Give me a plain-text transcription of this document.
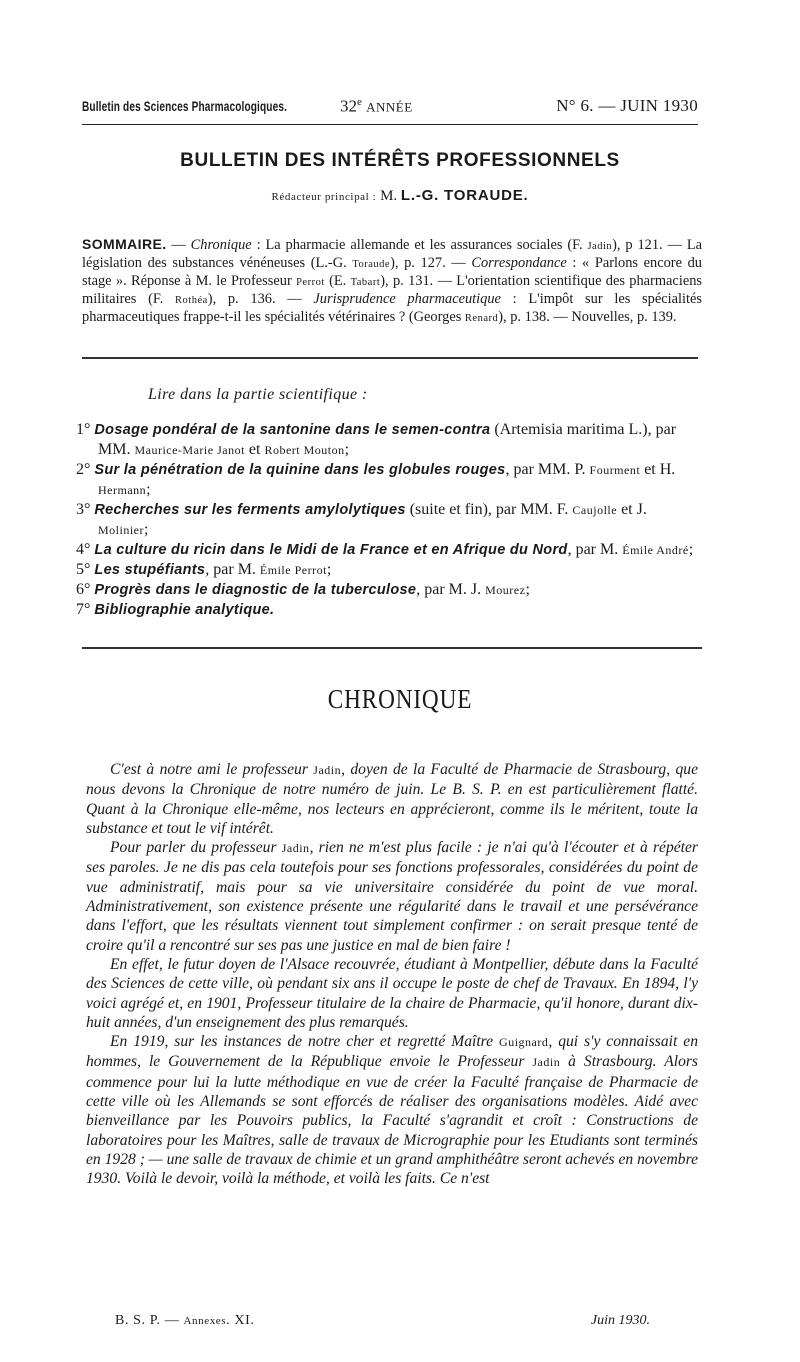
Bulletin des Sciences Pharmacologiques.	32e ANNÉE	N° 6. — JUIN 1930
BULLETIN DES INTÉRÊTS PROFESSIONNELS
Rédacteur principal : M. L.-G. TORAUDE.
SOMMAIRE. — Chronique : La pharmacie allemande et les assurances sociales (F. Jadin), p 121. — La législation des substances vénéneuses (L.-G. Toraude), p. 127. — Correspondance : « Parlons encore du stage ». Réponse à M. le Professeur Perrot (E. Tabart), p. 131. — L'orientation scientifique des pharmaciens militaires (F. Rothéa), p. 136. — Jurisprudence pharmaceutique : L'impôt sur les spécialités pharmaceutiques frappe-t-il les spécialités vétérinaires ? (Georges Renard), p. 138. — Nouvelles, p. 139.
Lire dans la partie scientifique :
1° Dosage pondéral de la santonine dans le semen-contra (Artemisia maritima L.), par MM. Maurice-Marie Janot et Robert Mouton;
2° Sur la pénétration de la quinine dans les globules rouges, par MM. P. Fourment et H. Hermann;
3° Recherches sur les ferments amylolytiques (suite et fin), par MM. F. Caujolle et J. Molinier;
4° La culture du ricin dans le Midi de la France et en Afrique du Nord, par M. Émile André;
5° Les stupéfiants, par M. Émile Perrot;
6° Progrès dans le diagnostic de la tuberculose, par M. J. Mourez;
7° Bibliographie analytique.
CHRONIQUE

C'est à notre ami le professeur Jadin, doyen de la Faculté de Pharmacie de Strasbourg, que nous devons la Chronique de notre numéro de juin. Le B. S. P. en est particulièrement flatté. Quant à la Chronique elle-même, nos lecteurs en apprécieront, comme ils le méritent, toute la substance et tout le vif intérêt.

Pour parler du professeur Jadin, rien ne m'est plus facile : je n'ai qu'à l'écouter et à répéter ses paroles. Je ne dis pas cela toutefois pour ses fonctions professorales, considérées du point de vue administratif, mais pour sa vie universitaire considérée du point de vue moral. Administrativement, son existence présente une régularité dans le travail et une persévérance dans l'effort, que les résultats viennent tout simplement confirmer : on serait presque tenté de croire qu'il a rencontré sur ses pas une justice en mal de bien faire !

En effet, le futur doyen de l'Alsace recouvrée, étudiant à Montpellier, débute dans la Faculté des Sciences de cette ville, où pendant six ans il occupe le poste de chef de Travaux. En 1894, l'y voici agrégé et, en 1901, Professeur titulaire de la chaire de Pharmacie, qu'il honore, durant dix-huit années, d'un enseignement des plus remarqués.

En 1919, sur les instances de notre cher et regretté Maître Guignard, qui s'y connaissait en hommes, le Gouvernement de la République envoie le Professeur Jadin à Strasbourg. Alors commence pour lui la lutte méthodique en vue de créer la Faculté française de Pharmacie de cette ville où les Allemands se sont efforcés de réaliser des organisations modèles. Aidé avec bienveillance par les Pouvoirs publics, la Faculté s'agrandit et croît : Constructions de laboratoires pour les Maîtres, salle de travaux de Micrographie pour les Etudiants sont terminés en 1928 ; — une salle de travaux de chimie et un grand amphithéâtre seront achevés en novembre 1930. Voilà le devoir, voilà la méthode, et voilà les faits. Ce n'est

B. S. P. — Annexes. XI.	Juin 1930.
